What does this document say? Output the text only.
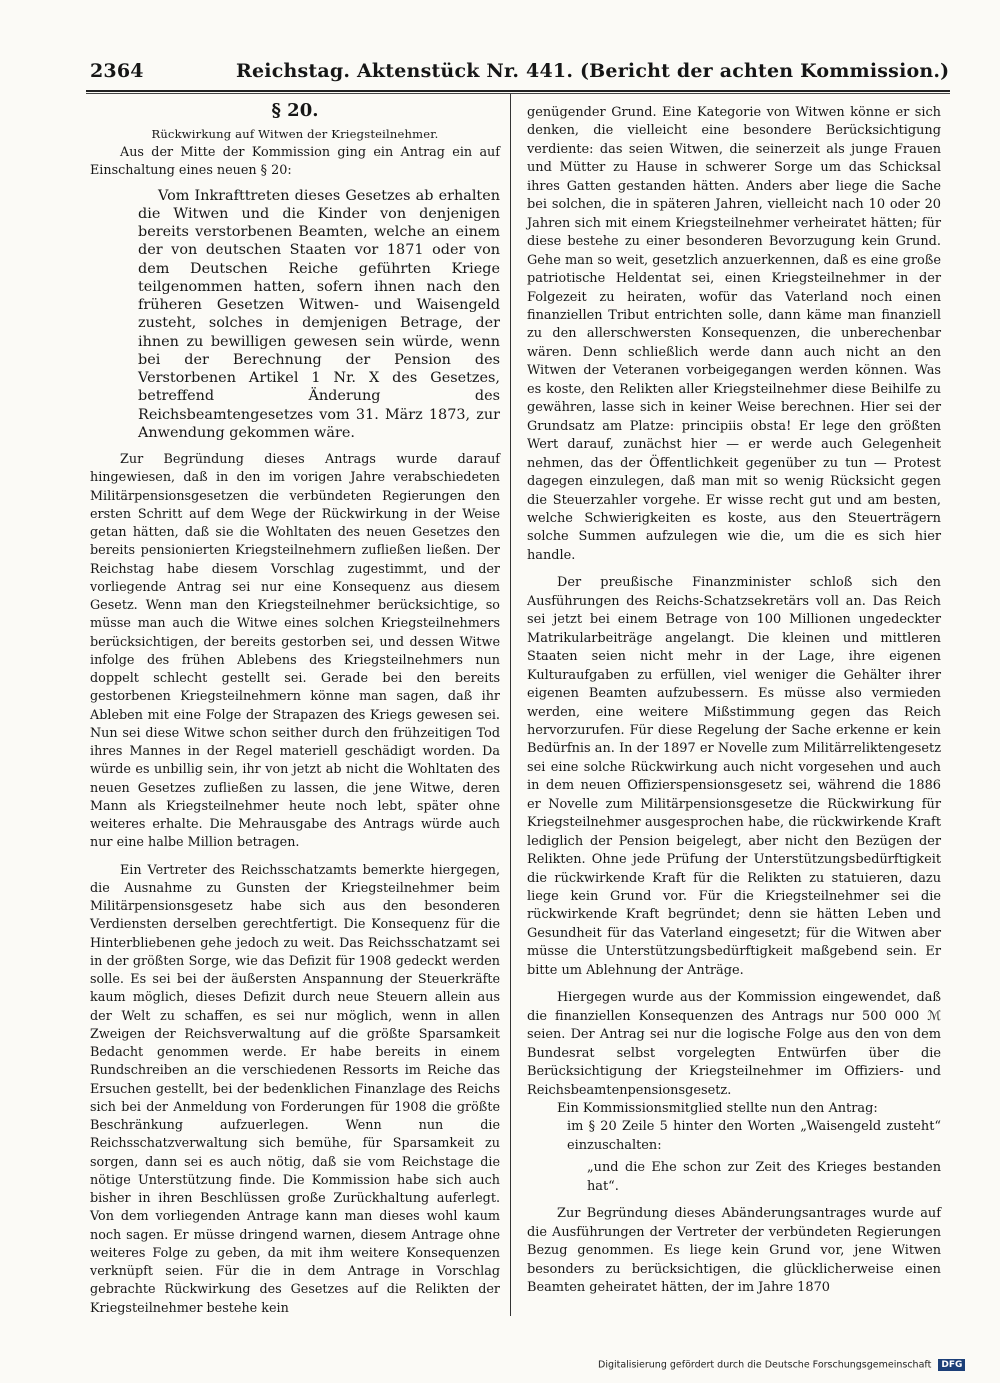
2364	Reichstag. Aktenstück Nr. 441. (Bericht der achten Kommission.)
§ 20.
Rückwirkung auf Witwen der Kriegsteilnehmer.

Aus der Mitte der Kommission ging ein Antrag ein auf Einschaltung eines neuen § 20:

Vom Inkrafttreten dieses Gesetzes ab erhalten die Witwen und die Kinder von denjenigen bereits verstorbenen Beamten, welche an einem der von deutschen Staaten vor 1871 oder von dem Deutschen Reiche geführten Kriege teilgenommen hatten, sofern ihnen nach den früheren Gesetzen Witwen- und Waisengeld zusteht, solches in demjenigen Betrage, der ihnen zu bewilligen gewesen sein würde, wenn bei der Berechnung der Pension des Verstorbenen Artikel 1 Nr. X des Gesetzes, betreffend Änderung des Reichsbeamtengesetzes vom 31. März 1873, zur Anwendung gekommen wäre.

Zur Begründung dieses Antrags wurde darauf hingewiesen, daß in den im vorigen Jahre verabschiedeten Militärpensionsgesetzen die verbündeten Regierungen den ersten Schritt auf dem Wege der Rückwirkung in der Weise getan hätten, daß sie die Wohltaten des neuen Gesetzes den bereits pensionierten Kriegsteilnehmern zufließen ließen. Der Reichstag habe diesem Vorschlag zugestimmt, und der vorliegende Antrag sei nur eine Konsequenz aus diesem Gesetz. Wenn man den Kriegsteilnehmer berücksichtige, so müsse man auch die Witwe eines solchen Kriegsteilnehmers berücksichtigen, der bereits gestorben sei, und dessen Witwe infolge des frühen Ablebens des Kriegsteilnehmers nun doppelt schlecht gestellt sei. Gerade bei den bereits gestorbenen Kriegsteilnehmern könne man sagen, daß ihr Ableben mit eine Folge der Strapazen des Kriegs gewesen sei. Nun sei diese Witwe schon seither durch den frühzeitigen Tod ihres Mannes in der Regel materiell geschädigt worden. Da würde es unbillig sein, ihr von jetzt ab nicht die Wohltaten des neuen Gesetzes zufließen zu lassen, die jene Witwe, deren Mann als Kriegsteilnehmer heute noch lebt, später ohne weiteres erhalte. Die Mehrausgabe des Antrags würde auch nur eine halbe Million betragen.

Ein Vertreter des Reichsschatzamts bemerkte hiergegen, die Ausnahme zu Gunsten der Kriegsteilnehmer beim Militärpensionsgesetz habe sich aus den besonderen Verdiensten derselben gerechtfertigt. Die Konsequenz für die Hinterbliebenen gehe jedoch zu weit. Das Reichsschatzamt sei in der größten Sorge, wie das Defizit für 1908 gedeckt werden solle. Es sei bei der äußersten Anspannung der Steuerkräfte kaum möglich, dieses Defizit durch neue Steuern allein aus der Welt zu schaffen, es sei nur möglich, wenn in allen Zweigen der Reichsverwaltung auf die größte Sparsamkeit Bedacht genommen werde. Er habe bereits in einem Rundschreiben an die verschiedenen Ressorts im Reiche das Ersuchen gestellt, bei der bedenklichen Finanzlage des Reichs sich bei der Anmeldung von Forderungen für 1908 die größte Beschränkung aufzuerlegen. Wenn nun die Reichsschatzverwaltung sich bemühe, für Sparsamkeit zu sorgen, dann sei es auch nötig, daß sie vom Reichstage die nötige Unterstützung finde. Die Kommission habe sich auch bisher in ihren Beschlüssen große Zurückhaltung auferlegt. Von dem vorliegenden Antrage kann man dieses wohl kaum noch sagen. Er müsse dringend warnen, diesem Antrage ohne weiteres Folge zu geben, da mit ihm weitere Konsequenzen verknüpft seien. Für die in dem Antrage in Vorschlag gebrachte Rückwirkung des Gesetzes auf die Relikten der Kriegsteilnehmer bestehe kein

genügender Grund. Eine Kategorie von Witwen könne er sich denken, die vielleicht eine besondere Berücksichtigung verdiente: das seien Witwen, die seinerzeit als junge Frauen und Mütter zu Hause in schwerer Sorge um das Schicksal ihres Gatten gestanden hätten. Anders aber liege die Sache bei solchen, die in späteren Jahren, vielleicht nach 10 oder 20 Jahren sich mit einem Kriegsteilnehmer verheiratet hätten; für diese bestehe zu einer besonderen Bevorzugung kein Grund. Gehe man so weit, gesetzlich anzuerkennen, daß es eine große patriotische Heldentat sei, einen Kriegsteilnehmer in der Folgezeit zu heiraten, wofür das Vaterland noch einen finanziellen Tribut entrichten solle, dann käme man finanziell zu den allerschwersten Konsequenzen, die unberechenbar wären. Denn schließlich werde dann auch nicht an den Witwen der Veteranen vorbeigegangen werden können. Was es koste, den Relikten aller Kriegsteilnehmer diese Beihilfe zu gewähren, lasse sich in keiner Weise berechnen. Hier sei der Grundsatz am Platze: principiis obsta! Er lege den größten Wert darauf, zunächst hier — er werde auch Gelegenheit nehmen, das der Öffentlichkeit gegenüber zu tun — Protest dagegen einzulegen, daß man mit so wenig Rücksicht gegen die Steuerzahler vorgehe. Er wisse recht gut und am besten, welche Schwierigkeiten es koste, aus den Steuerträgern solche Summen aufzulegen wie die, um die es sich hier handle.

Der preußische Finanzminister schloß sich den Ausführungen des Reichs-Schatzsekretärs voll an. Das Reich sei jetzt bei einem Betrage von 100 Millionen ungedeckter Matrikularbeiträge angelangt. Die kleinen und mittleren Staaten seien nicht mehr in der Lage, ihre eigenen Kulturaufgaben zu erfüllen, viel weniger die Gehälter ihrer eigenen Beamten aufzubessern. Es müsse also vermieden werden, eine weitere Mißstimmung gegen das Reich hervorzurufen. Für diese Regelung der Sache erkenne er kein Bedürfnis an. In der 1897 er Novelle zum Militärreliktengesetz sei eine solche Rückwirkung auch nicht vorgesehen und auch in dem neuen Offizierspensionsgesetz sei, während die 1886 er Novelle zum Militärpensionsgesetze die Rückwirkung für Kriegsteilnehmer ausgesprochen habe, die rückwirkende Kraft lediglich der Pension beigelegt, aber nicht den Bezügen der Relikten. Ohne jede Prüfung der Unterstützungsbedürftigkeit die rückwirkende Kraft für die Relikten zu statuieren, dazu liege kein Grund vor. Für die Kriegsteilnehmer sei die rückwirkende Kraft begründet; denn sie hätten Leben und Gesundheit für das Vaterland eingesetzt; für die Witwen aber müsse die Unterstützungsbedürftigkeit maßgebend sein. Er bitte um Ablehnung der Anträge.

Hiergegen wurde aus der Kommission eingewendet, daß die finanziellen Konsequenzen des Antrags nur 500 000 ℳ seien. Der Antrag sei nur die logische Folge aus den von dem Bundesrat selbst vorgelegten Entwürfen über die Berücksichtigung der Kriegsteilnehmer im Offiziers- und Reichsbeamtenpensionsgesetz.

Ein Kommissionsmitglied stellte nun den Antrag:

im § 20 Zeile 5 hinter den Worten „Waisengeld zusteht“ einzuschalten:

„und die Ehe schon zur Zeit des Krieges bestanden hat“.

Zur Begründung dieses Abänderungsantrages wurde auf die Ausführungen der Vertreter der verbündeten Regierungen Bezug genommen. Es liege kein Grund vor, jene Witwen besonders zu berücksichtigen, die glücklicherweise einen Beamten geheiratet hätten, der im Jahre 1870

Digitalisierung gefördert durch die Deutsche Forschungsgemeinschaft DFG
